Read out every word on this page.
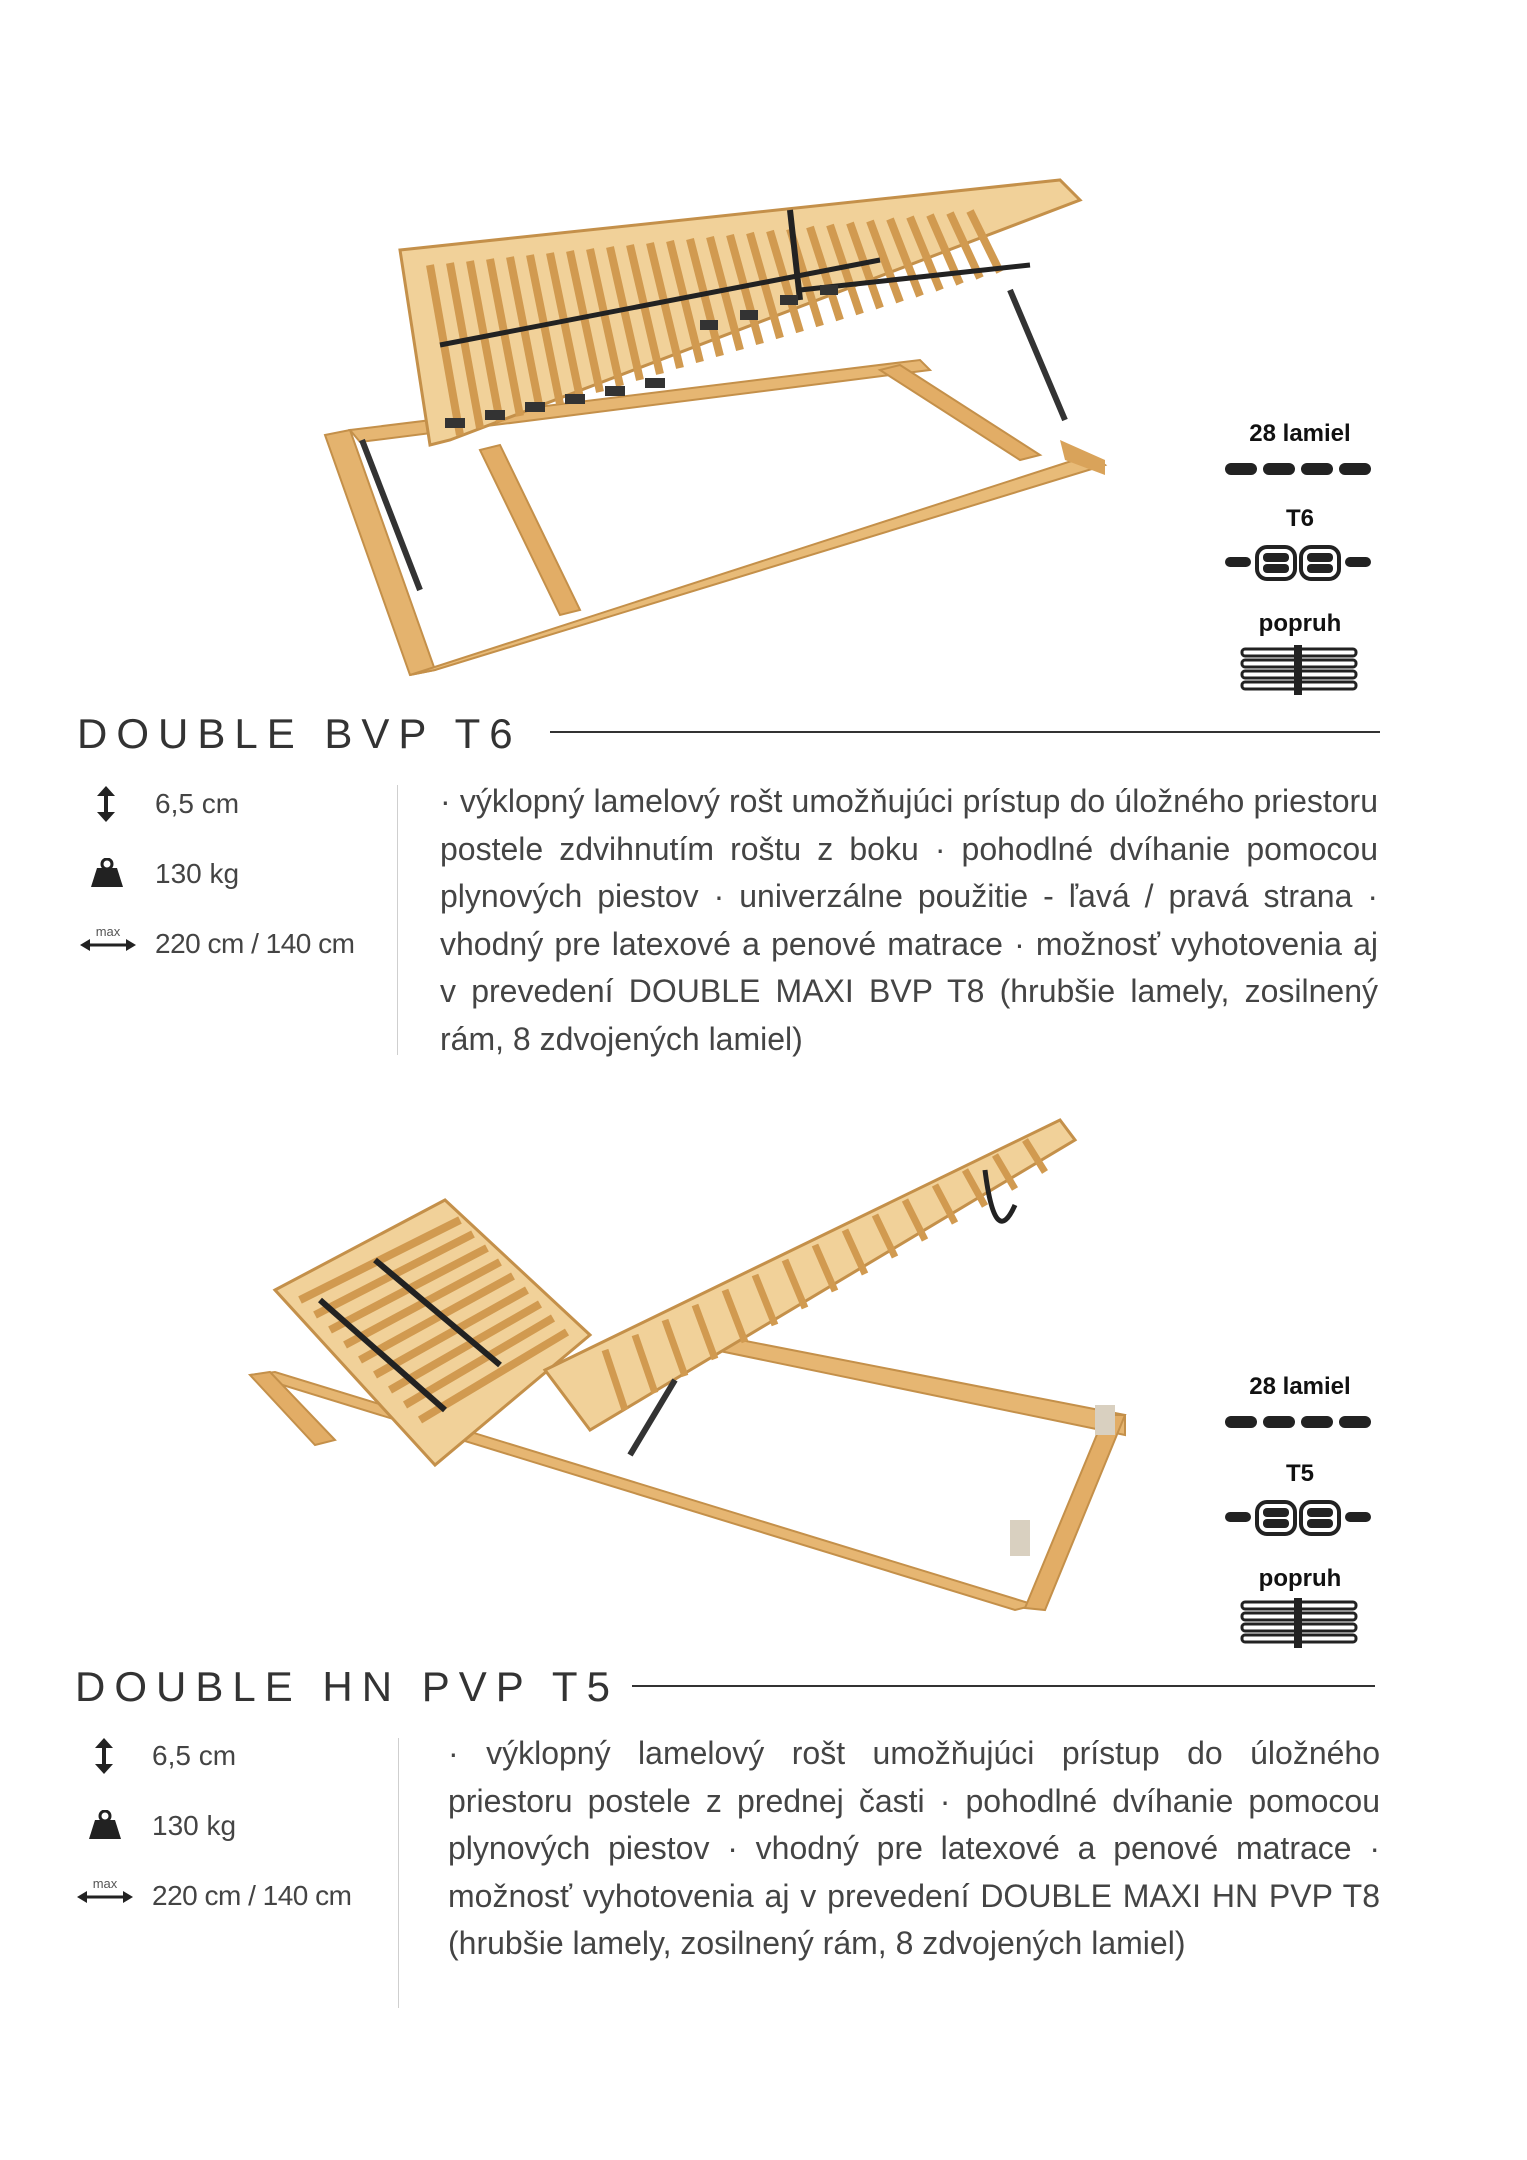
28 lamiel
T6
popruh
DOUBLE BVP T6
6,5 cm
130 kg
max	220 cm / 140 cm
· výklopný lamelový rošt umožňujúci prístup do úložného priestoru postele zdvihnutím roštu z boku · pohodlné dvíhanie pomocou plynových piestov · univerzálne použitie - ľavá / pravá strana · vhodný pre latexové a penové matrace · možnosť vyhotovenia aj v prevedení DOUBLE MAXI BVP T8 (hrubšie lamely, zosilnený rám, 8 zdvojených lamiel)
28 lamiel
T5
popruh
DOUBLE HN PVP T5
6,5 cm
130 kg
max	220 cm / 140 cm
· výklopný lamelový rošt umožňujúci prístup do úložného priestoru postele z prednej časti · pohodlné dvíhanie pomocou plynových piestov · vhodný pre latexové a penové matrace · možnosť vyhotovenia aj v prevedení DOUBLE MAXI HN PVP T8 (hrubšie lamely, zosilnený rám, 8 zdvojených lamiel)
